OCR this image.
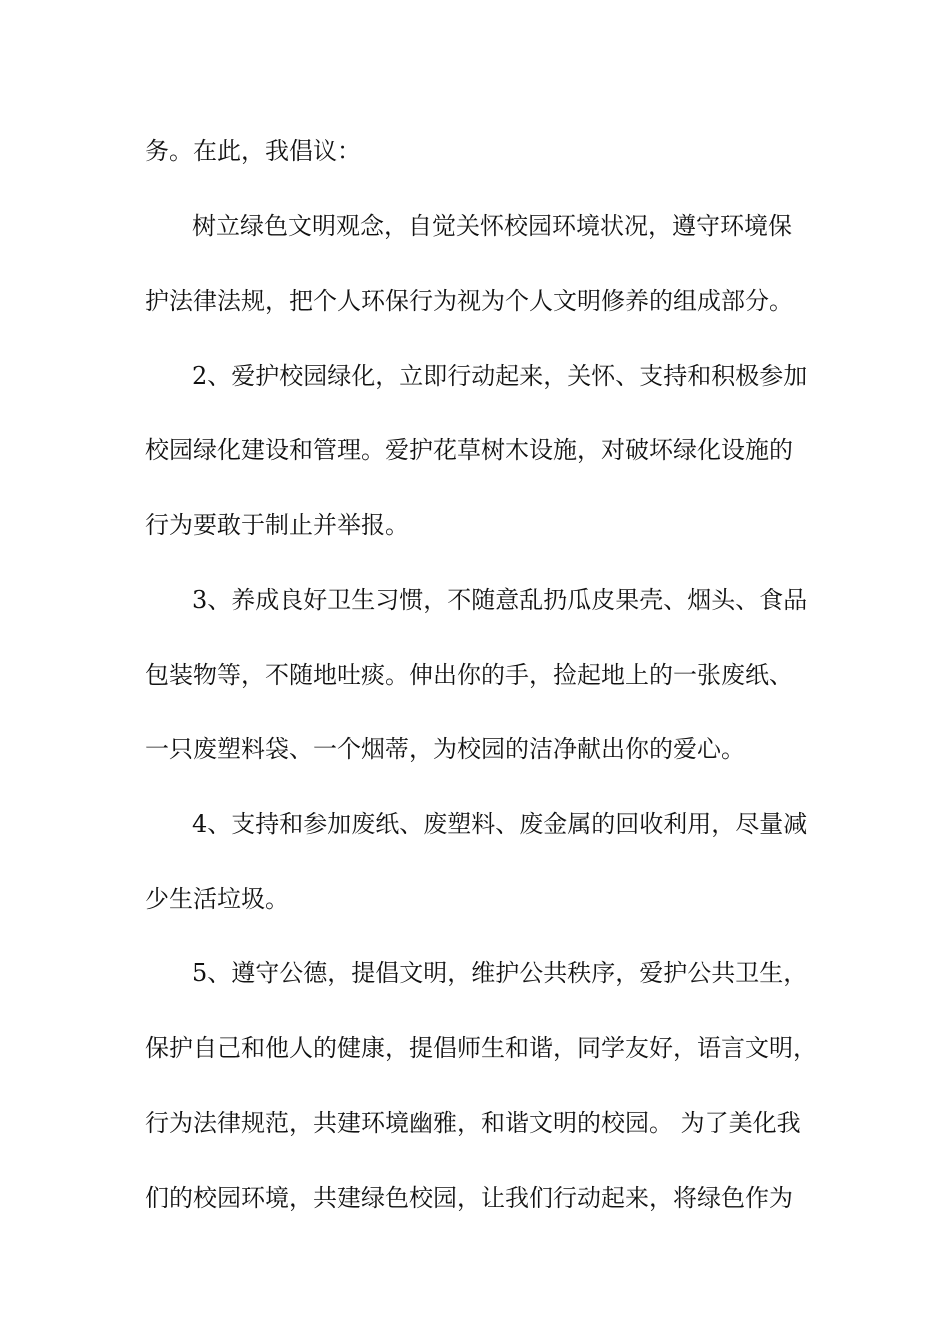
务。在此，我倡议：
树立绿色文明观念，自觉关怀校园环境状况，遵守环境保
护法律法规，把个人环保行为视为个人文明修养的组成部分。
2、爱护校园绿化，立即行动起来，关怀、支持和积极参加
校园绿化建设和管理。爱护花草树木设施，对破坏绿化设施的
行为要敢于制止并举报。
3、养成良好卫生习惯，不随意乱扔瓜皮果壳、烟头、食品
包装物等，不随地吐痰。伸出你的手，捡起地上的一张废纸、
一只废塑料袋、一个烟蒂，为校园的洁净献出你的爱心。
4、支持和参加废纸、废塑料、废金属的回收利用，尽量减
少生活垃圾。
5、遵守公德，提倡文明，维护公共秩序，爱护公共卫生，
保护自己和他人的健康，提倡师生和谐，同学友好，语言文明，
行为法律规范，共建环境幽雅，和谐文明的校园。 为了美化我
们的校园环境，共建绿色校园，让我们行动起来，将绿色作为
